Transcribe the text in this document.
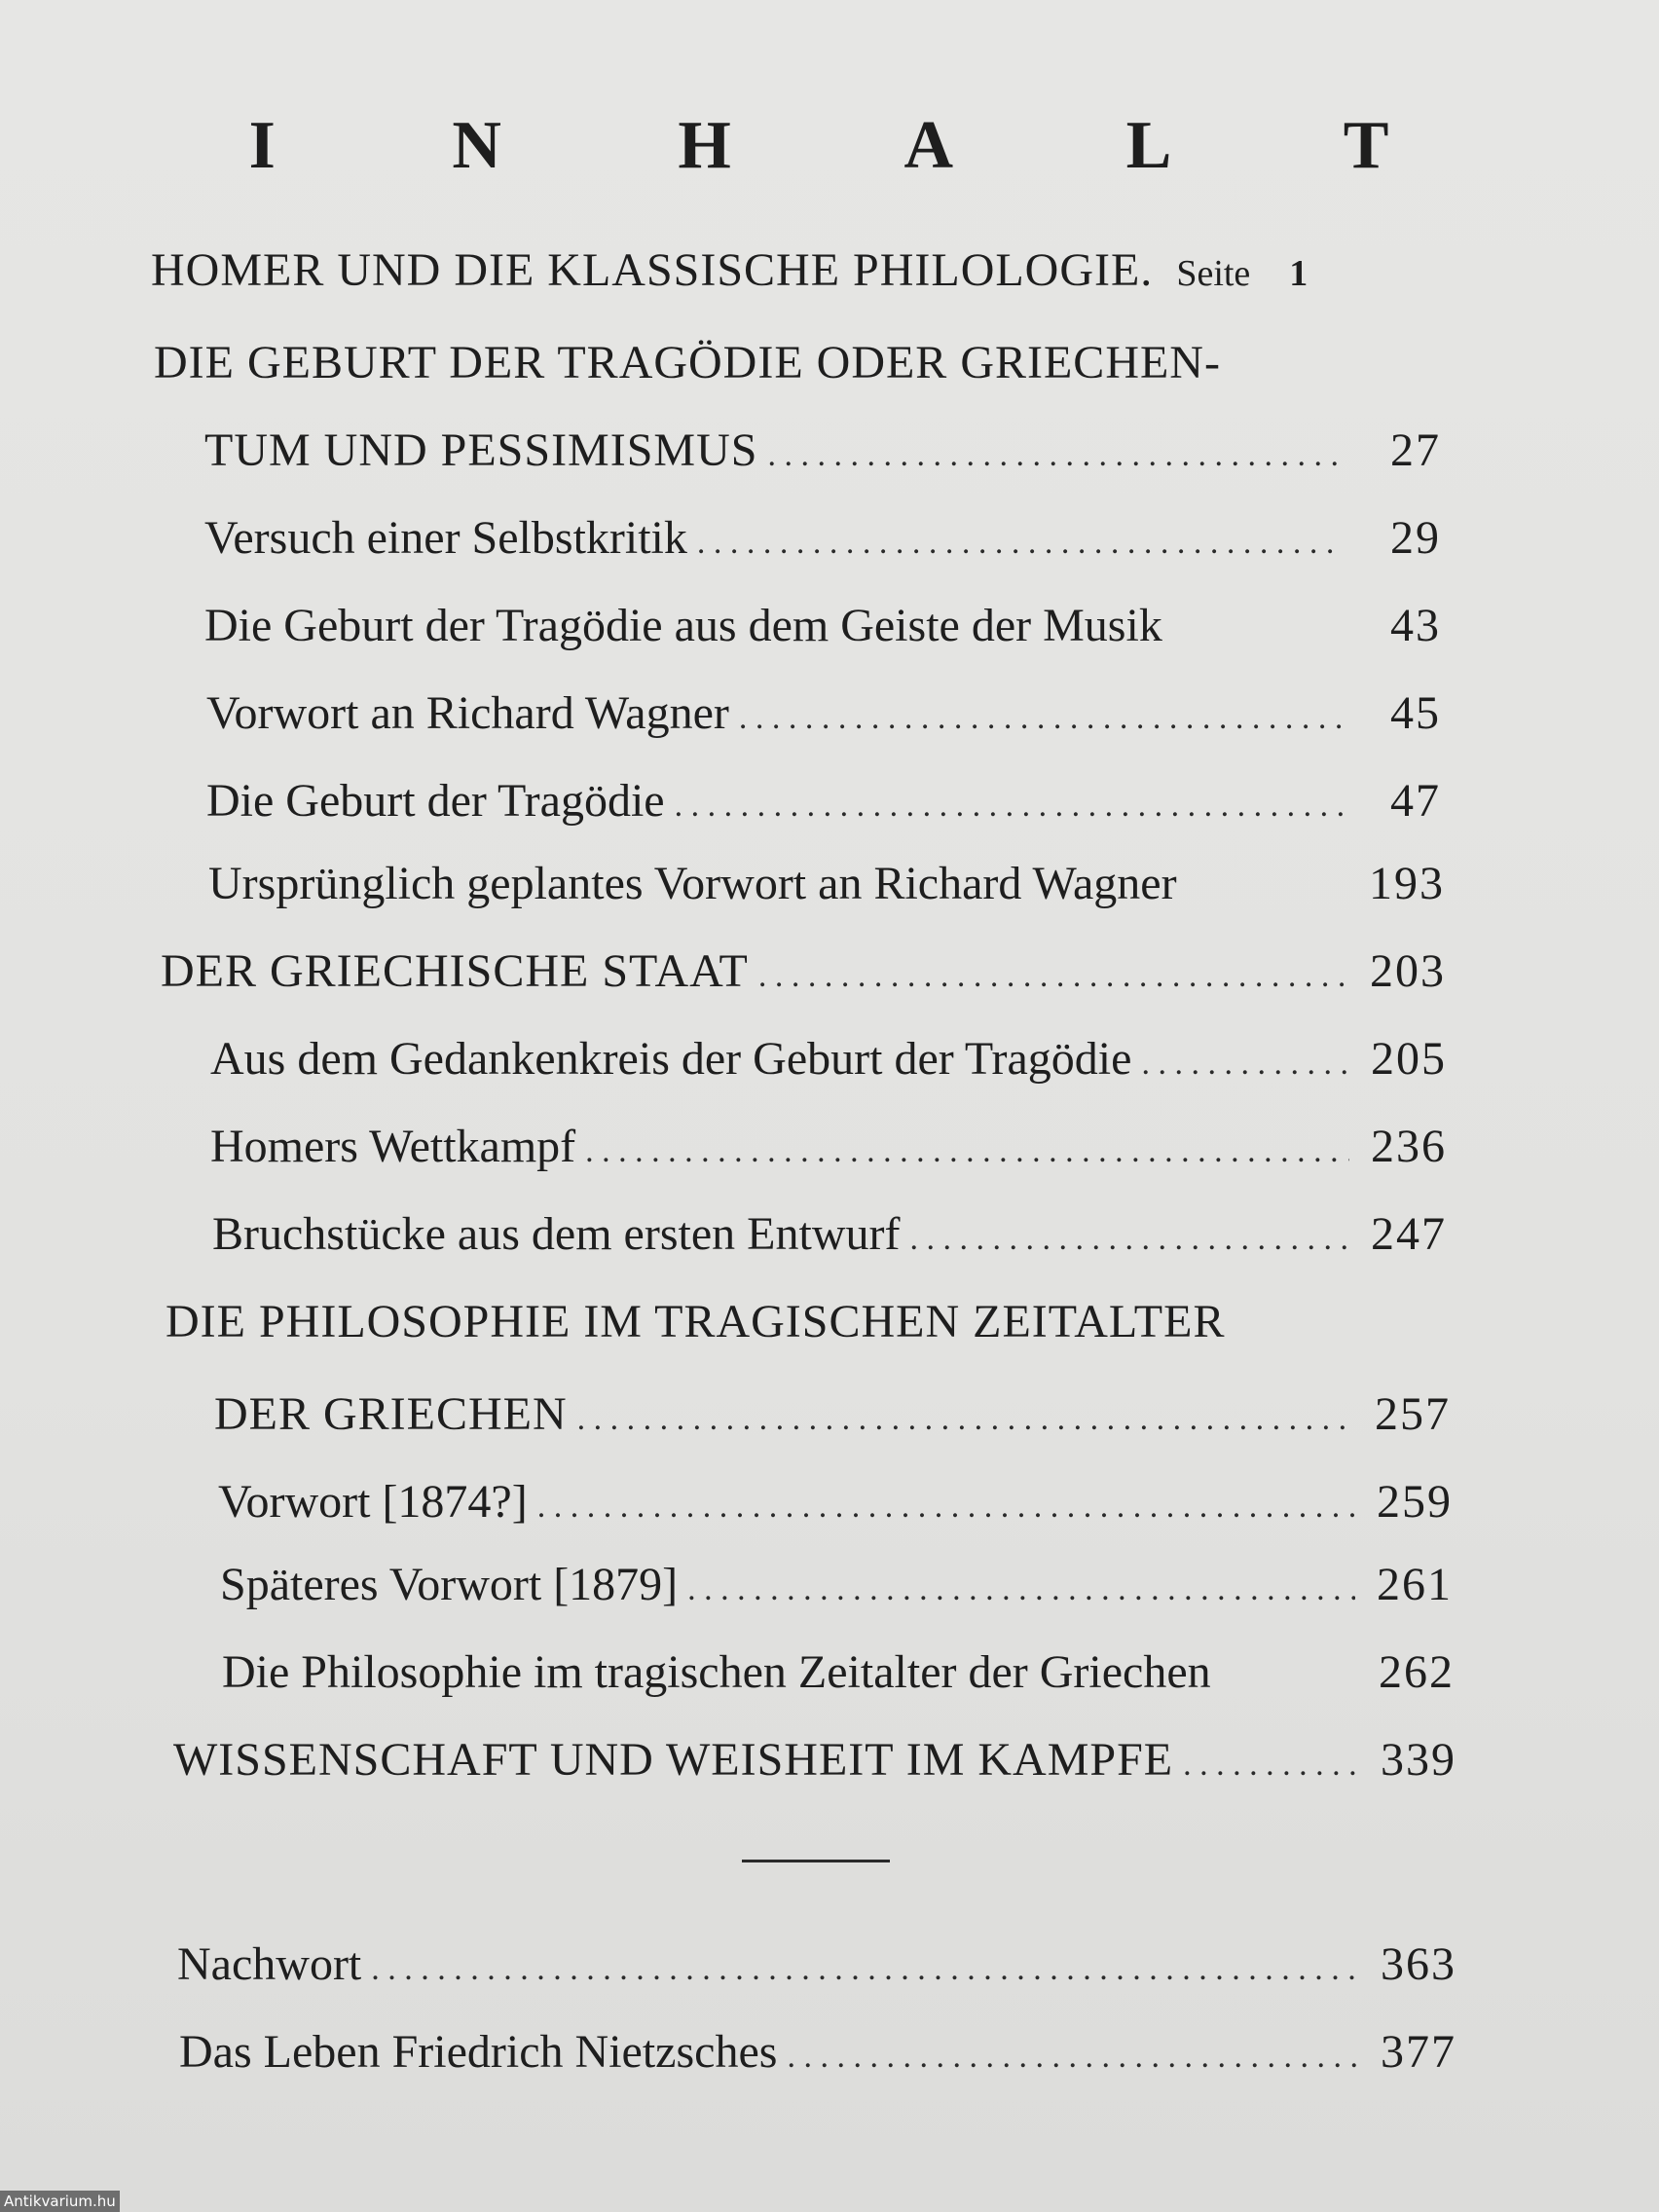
I N H A L T
HOMER UND DIE KLASSISCHE PHILOLOGIE. Seite 1
DIE GEBURT DER TRAGÖDIE ODER GRIECHEN-
TUM UND PESSIMISMUS . . .	27
Versuch einer Selbstkritik . . .	29
Die Geburt der Tragödie aus dem Geiste der Musik	43
Vorwort an Richard Wagner . . .	45
Die Geburt der Tragödie . . .	47
Ursprünglich geplantes Vorwort an Richard Wagner	193
DER GRIECHISCHE STAAT . . .	203
Aus dem Gedankenkreis der Geburt der Tragödie . . .	205
Homers Wettkampf . . .	236
Bruchstücke aus dem ersten Entwurf . . .	247
DIE PHILOSOPHIE IM TRAGISCHEN ZEITALTER
DER GRIECHEN . . .	257
Vorwort [1874?] . . .	259
Späteres Vorwort [1879] . . .	261
Die Philosophie im tragischen Zeitalter der Griechen	262
WISSENSCHAFT UND WEISHEIT IM KAMPFE . . .	339
Nachwort . . .	363
Das Leben Friedrich Nietzsches . . .	377
Antikvarium.hu
